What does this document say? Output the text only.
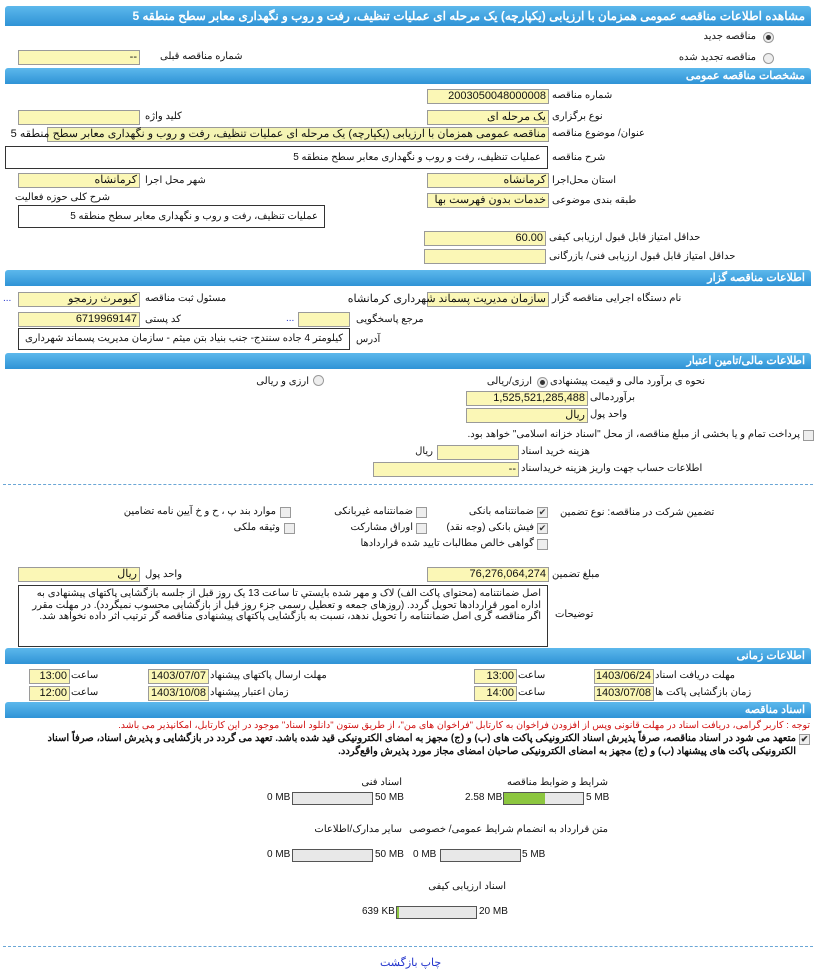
مشاهده اطلاعات مناقصه عمومی همزمان با ارزیابی (یکپارچه) یک مرحله ای عملیات تنظیف، رفت و روب و نگهداری معابر سطح منطقه 5
مناقصه جدید
مناقصه تجدید شده
شماره مناقصه قبلی
--
مشخصات مناقصه عمومی
شماره مناقصه
2003050048000008
نوع برگزاری
یک مرحله ای
کلید واژه
عنوان/ موضوع مناقصه
مناقصه عمومی همزمان با ارزیابی (یکپارچه) یک مرحله ای عملیات تنظیف، رفت و روب و نگهداری معابر سطح منطقه 5
شرح مناقصه
عملیات تنظیف، رفت و روب و نگهداری معابر سطح منطقه 5
استان محل‌اجرا
کرمانشاه
شهر محل اجرا
کرمانشاه
طبقه بندی موضوعی
خدمات بدون فهرست بها
شرح کلی حوزه فعالیت
عملیات تنظیف، رفت و روب و نگهداری معابر سطح منطقه 5
حداقل امتیاز قابل قبول ارزیابی کیفی
60.00
حداقل امتیاز قابل قبول ارزیابی فنی/ بازرگانی
اطلاعات مناقصه گزار
نام دستگاه اجرایی مناقصه گزار
سازمان مدیریت پسماند شهرداری کرمانشاه
مسئول ثبت مناقصه
کیومرث رزمجو
...
مرجع پاسخگویی
...
کد پستی
6719969147
آدرس
کیلومتر 4 جاده سنندج- جنب بنیاد بتن میثم - سازمان مدیریت پسماند شهرداری
اطلاعات مالی/تامین اعتبار
نحوه ی برآورد مالی و قیمت پیشنهادی
ارزی/ریالی
ارزی و ریالی
برآوردمالی
1,525,521,285,488
واحد پول
ریال
پرداخت تمام و یا بخشی از مبلغ مناقصه، از محل "اسناد خزانه اسلامی" خواهد بود.
هزینه خرید اسناد
ریال
اطلاعات حساب جهت واریز هزینه خریداسناد
--
تضمین شرکت در مناقصه: نوع تضمین
✔
ضمانتنامه بانکی
ضمانتنامه غیربانکی
موارد بند پ ، ح و خ آیین نامه تضامین
✔
فیش بانکی (وجه نقد)
اوراق مشارکت
وثیقه ملکی
گواهی خالص مطالبات تایید شده قراردادها
مبلغ تضمین
76,276,064,274
واحد پول
ریال
توضیحات
اصل ضمانتنامه (محتوای پاکت الف) لاک و مهر شده بایستي تا ساعت 13 یک روز قبل از جلسه بازگشایی پاکتهای پیشنهادی به اداره امور قراردادها تحویل گردد. (روزهای جمعه و تعطیل رسمی جزء روز قبل از بازگشایی محسوب نمیگردد). در مهلت مقرر اگر مناقصه گری اصل ضمانتنامه را تحویل ندهد، نسبت به بازگشایی پاکتهای پیشنهادی مناقصه گر ترتیب اثر داده نخواهد شد.
اطلاعات زمانی
مهلت دریافت اسناد
1403/06/24
ساعت
13:00
مهلت ارسال پاکتهای پیشنهاد
1403/07/07
ساعت
13:00
زمان بازگشایی پاکت ها
1403/07/08
ساعت
14:00
زمان اعتبار پیشنهاد
1403/10/08
ساعت
12:00
اسناد مناقصه
توجه : کاربر گرامی، دریافت اسناد در مهلت قانونی وپس از افزودن فراخوان به کارتابل "فراخوان های من"، از طریق ستون "دانلود اسناد" موجود در این کارتابل، امکانپذیر می باشد.
✔
متعهد می شود در اسناد مناقصه، صرفاً پذیرش اسناد الکترونیکی پاکت های (ب) و (ج) مجهز به امضای الکترونیکی قید شده باشد. تعهد می گردد در بازگشایی و پذیرش اسناد، صرفاً اسناد الکترونیکی پاکت های پیشنهاد (ب) و (ج) مجهز به امضای الکترونیکی صاحبان امضای مجاز مورد پذیرش واقع‌گردد.
شرایط و ضوابط مناقصه
2.58 MB	5 MB
اسناد فنی
0 MB	50 MB
متن قرارداد به انضمام شرایط عمومی/ خصوصی
0 MB	5 MB
سایر مدارک/اطلاعات
0 MB	50 MB
اسناد ارزیابی کیفی
639 KB	20 MB
چاپ بازگشت
